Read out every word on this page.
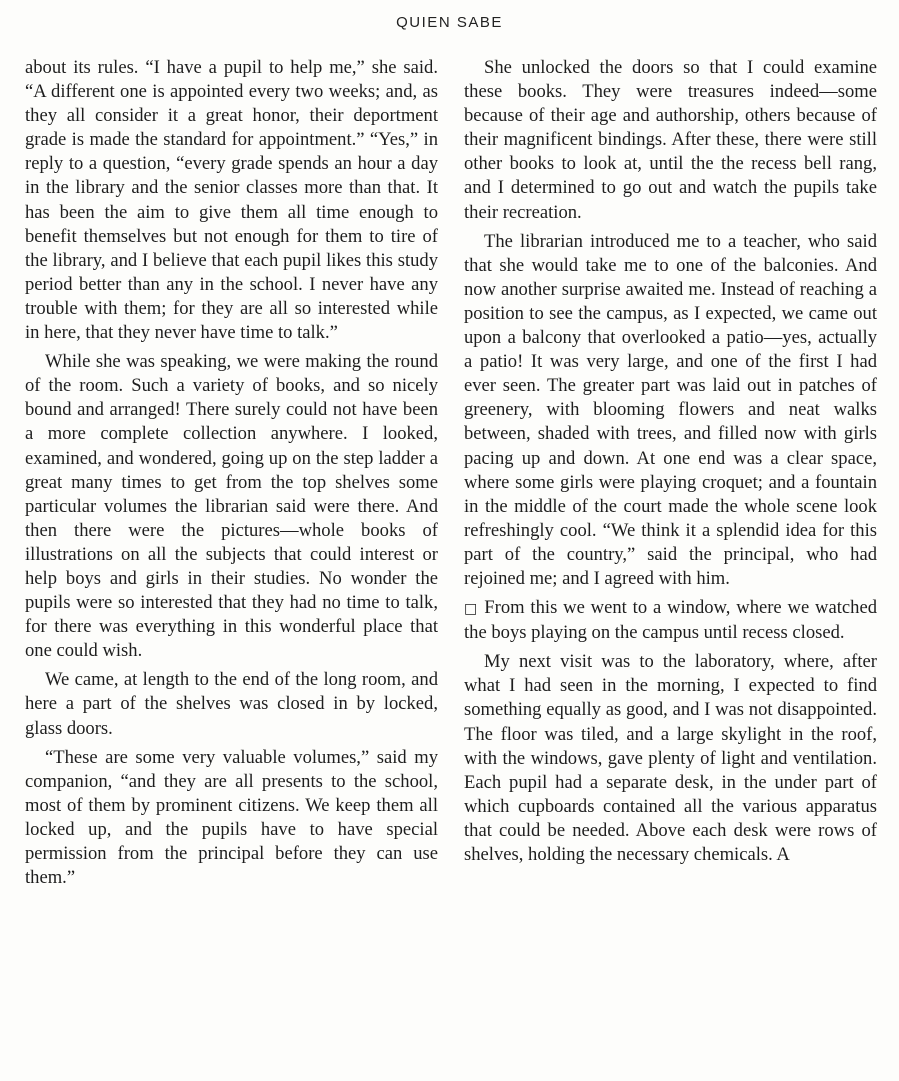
QUIEN SABE

about its rules. “I have a pupil to help me,” she said. “A different one is appointed every two weeks; and, as they all consider it a great honor, their deportment grade is made the standard for appointment.” “Yes,” in reply to a question, “every grade spends an hour a day in the library and the senior classes more than that. It has been the aim to give them all time enough to benefit themselves but not enough for them to tire of the library, and I believe that each pupil likes this study period better than any in the school. I never have any trouble with them; for they are all so interested while in here, that they never have time to talk.”

While she was speaking, we were making the round of the room. Such a variety of books, and so nicely bound and arranged! There surely could not have been a more complete collection anywhere. I looked, examined, and wondered, going up on the step ladder a great many times to get from the top shelves some particular volumes the librarian said were there. And then there were the pictures—whole books of illustrations on all the subjects that could interest or help boys and girls in their studies. No wonder the pupils were so interested that they had no time to talk, for there was everything in this wonderful place that one could wish.

We came, at length to the end of the long room, and here a part of the shelves was closed in by locked, glass doors.

“These are some very valuable volumes,” said my companion, “and they are all presents to the school, most of them by prominent citizens. We keep them all locked up, and the pupils have to have special permission from the principal before they can use them.”

She unlocked the doors so that I could examine these books. They were treasures indeed—some because of their age and authorship, others because of their magnificent bindings. After these, there were still other books to look at, until the the recess bell rang, and I determined to go out and watch the pupils take their recreation.

The librarian introduced me to a teacher, who said that she would take me to one of the balconies. And now another surprise awaited me. Instead of reaching a position to see the campus, as I expected, we came out upon a balcony that overlooked a patio—yes, actually a patio! It was very large, and one of the first I had ever seen. The greater part was laid out in patches of greenery, with blooming flowers and neat walks between, shaded with trees, and filled now with girls pacing up and down. At one end was a clear space, where some girls were playing croquet; and a fountain in the middle of the court made the whole scene look refreshingly cool. “We think it a splendid idea for this part of the country,” said the principal, who had rejoined me; and I agreed with him.

□ From this we went to a window, where we watched the boys playing on the campus until recess closed.

My next visit was to the laboratory, where, after what I had seen in the morning, I expected to find something equally as good, and I was not disappointed. The floor was tiled, and a large skylight in the roof, with the windows, gave plenty of light and ventilation. Each pupil had a separate desk, in the under part of which cupboards contained all the various apparatus that could be needed. Above each desk were rows of shelves, holding the necessary chemicals. A
